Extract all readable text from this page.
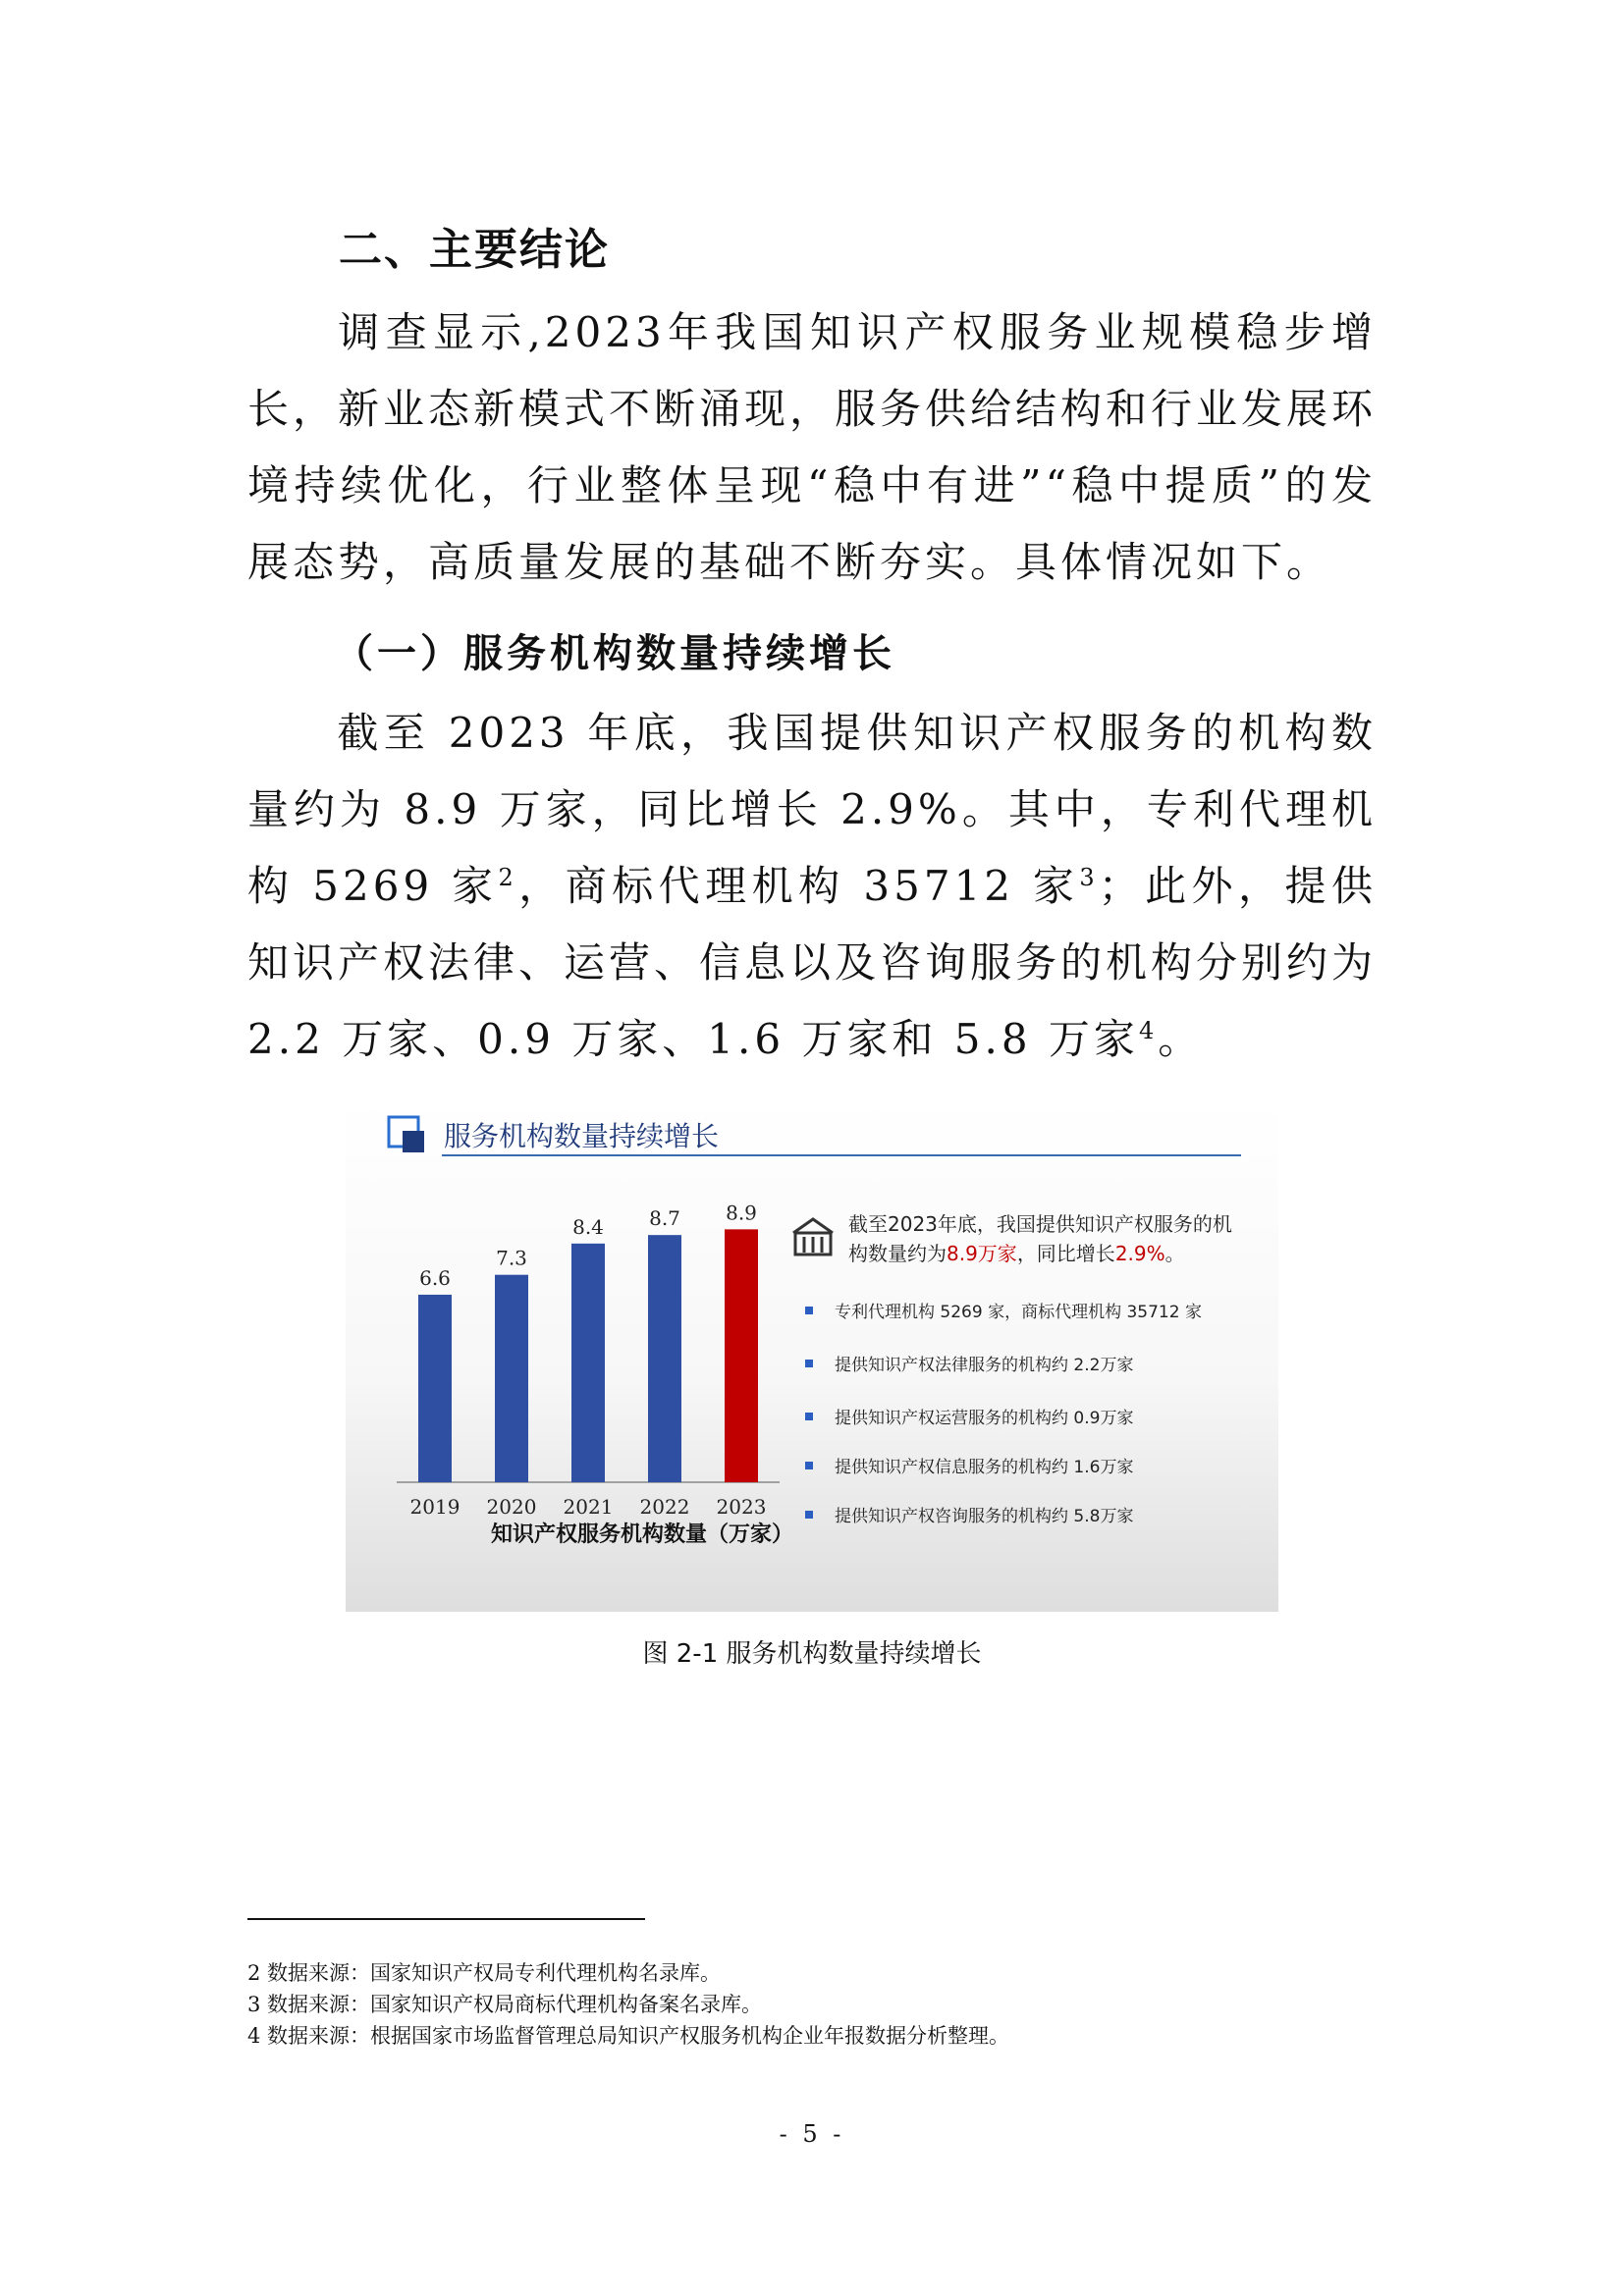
二、主要结论

调查显示,2023年我国知识产权服务业规模稳步增长，新业态新模式不断涌现，服务供给结构和行业发展环境持续优化，行业整体呈现“稳中有进”“稳中提质”的发展态势，高质量发展的基础不断夯实。具体情况如下。

（一）服务机构数量持续增长

截至 2023 年底，我国提供知识产权服务的机构数量约为 8.9 万家，同比增长 2.9%。其中，专利代理机构 5269 家$^2$，商标代理机构 35712 家$^3$；此外，提供知识产权法律、运营、信息以及咨询服务的机构分别约为 2.2 万家、0.9 万家、1.6 万家和 5.8 万家$^4$。

服务机构数量持续增长
6.6
2019
7.3
2020
8.4
2021
8.7
2022
8.9
2023
知识产权服务机构数量（万家）
截至2023年底，我国提供知识产权服务的机构数量约为8.9万家，同比增长2.9%。
专利代理机构 5269 家，商标代理机构 35712 家
提供知识产权法律服务的机构约 2.2万家
提供知识产权运营服务的机构约 0.9万家
提供知识产权信息服务的机构约 1.6万家
提供知识产权咨询服务的机构约 5.8万家
图 2-1 服务机构数量持续增长
2 数据来源：国家知识产权局专利代理机构名录库。
3 数据来源：国家知识产权局商标代理机构备案名录库。
4 数据来源：根据国家市场监督管理总局知识产权服务机构企业年报数据分析整理。
- 5 -
